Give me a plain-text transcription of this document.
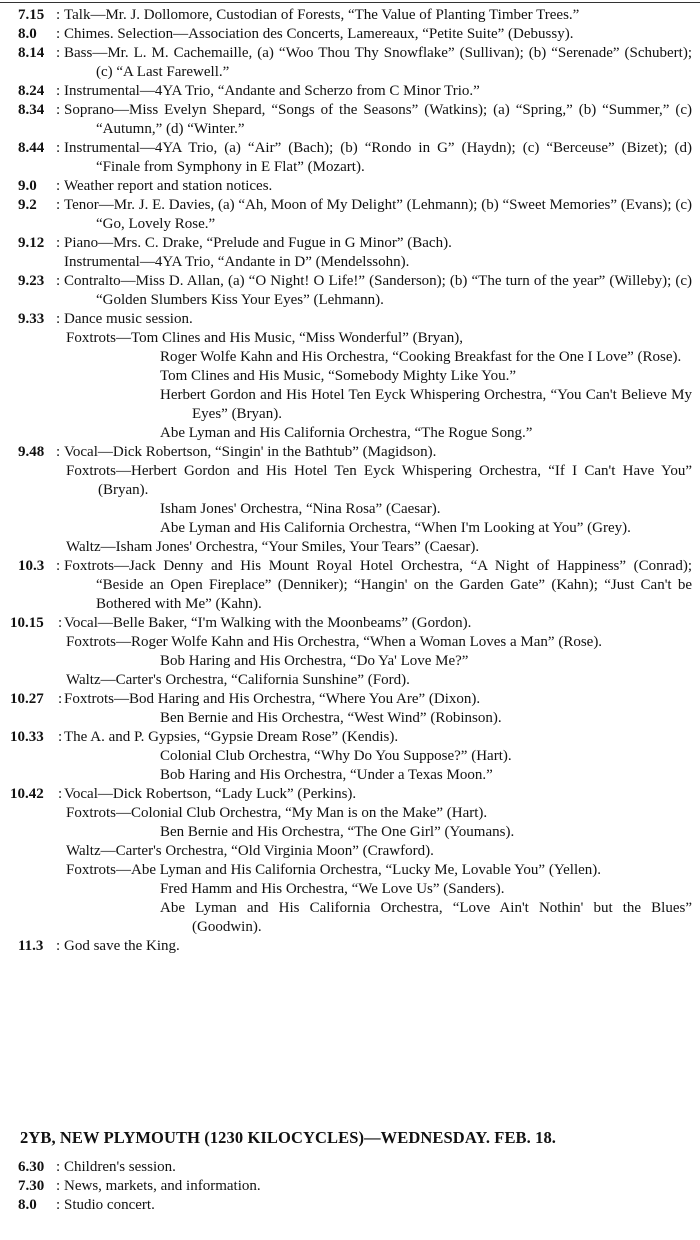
7.15 : Talk—Mr. J. Dollomore, Custodian of Forests, “The Value of Planting Timber Trees.”
8.0	: Chimes. Selection—Association des Concerts, Lamereaux, “Petite Suite” (Debussy).
8.14 : Bass—Mr. L. M. Cachemaille, (a) “Woo Thou Thy Snowflake” (Sullivan); (b) “Serenade” (Schubert); (c) “A Last Farewell.”
8.24 : Instrumental—4YA Trio, “Andante and Scherzo from C Minor Trio.”
8.34 : Soprano—Miss Evelyn Shepard, “Songs of the Seasons” (Watkins); (a) “Spring,” (b) “Summer,” (c) “Autumn,” (d) “Winter.”
8.44 : Instrumental—4YA Trio, (a) “Air” (Bach); (b) “Rondo in G” (Haydn); (c) “Berceuse” (Bizet); (d) “Finale from Symphony in E Flat” (Mozart).
9.0	: Weather report and station notices.
9.2	: Tenor—Mr. J. E. Davies, (a) “Ah, Moon of My Delight” (Lehmann); (b) “Sweet Memories” (Evans); (c) “Go, Lovely Rose.”
9.12 : Piano—Mrs. C. Drake, “Prelude and Fugue in G Minor” (Bach).
Instrumental—4YA Trio, “Andante in D” (Mendelssohn).
9.23 : Contralto—Miss D. Allan, (a) “O Night! O Life!” (Sanderson); (b) “The turn of the year” (Willeby); (c) “Golden Slumbers Kiss Your Eyes” (Lehmann).
9.33 : Dance music session.
Foxtrots—Tom Clines and His Music, “Miss Wonderful” (Bryan),
Roger Wolfe Kahn and His Orchestra, “Cooking Breakfast for the One I Love” (Rose).
Tom Clines and His Music, “Somebody Mighty Like You.”
Herbert Gordon and His Hotel Ten Eyck Whispering Orchestra, “You Can't Believe My Eyes” (Bryan).
Abe Lyman and His California Orchestra, “The Rogue Song.”
9.48 : Vocal—Dick Robertson, “Singin' in the Bathtub” (Magidson).
Foxtrots—Herbert Gordon and His Hotel Ten Eyck Whispering Orchestra, “If I Can't Have You” (Bryan).
Isham Jones' Orchestra, “Nina Rosa” (Caesar).
Abe Lyman and His California Orchestra, “When I'm Looking at You” (Grey).
Waltz—Isham Jones' Orchestra, “Your Smiles, Your Tears” (Caesar).
10.3 : Foxtrots—Jack Denny and His Mount Royal Hotel Orchestra, “A Night of Happiness” (Conrad); “Beside an Open Fireplace” (Denniker); “Hangin' on the Garden Gate” (Kahn); “Just Can't be Bothered with Me” (Kahn).
10.15 : Vocal—Belle Baker, “I'm Walking with the Moonbeams” (Gordon).
Foxtrots—Roger Wolfe Kahn and His Orchestra, “When a Woman Loves a Man” (Rose).
Bob Haring and His Orchestra, “Do Ya' Love Me?”
Waltz—Carter's Orchestra, “California Sunshine” (Ford).
10.27 : Foxtrots—Bod Haring and His Orchestra, “Where You Are” (Dixon).
Ben Bernie and His Orchestra, “West Wind” (Robinson).
10.33 : The A. and P. Gypsies, “Gypsie Dream Rose” (Kendis).
Colonial Club Orchestra, “Why Do You Suppose?” (Hart).
Bob Haring and His Orchestra, “Under a Texas Moon.”
10.42 : Vocal—Dick Robertson, “Lady Luck” (Perkins).
Foxtrots—Colonial Club Orchestra, “My Man is on the Make” (Hart).
Ben Bernie and His Orchestra, “The One Girl” (Youmans).
Waltz—Carter's Orchestra, “Old Virginia Moon” (Crawford).
Foxtrots—Abe Lyman and His California Orchestra, “Lucky Me, Lovable You” (Yellen).
Fred Hamm and His Orchestra, “We Love Us” (Sanders).
Abe Lyman and His California Orchestra, “Love Ain't Nothin' but the Blues” (Goodwin).
11.3 : God save the King.
2YB, NEW PLYMOUTH (1230 KILOCYCLES)—WEDNESDAY. FEB. 18.
6.30 : Children's session.
7.30 : News, markets, and information.
8.0	: Studio concert.
